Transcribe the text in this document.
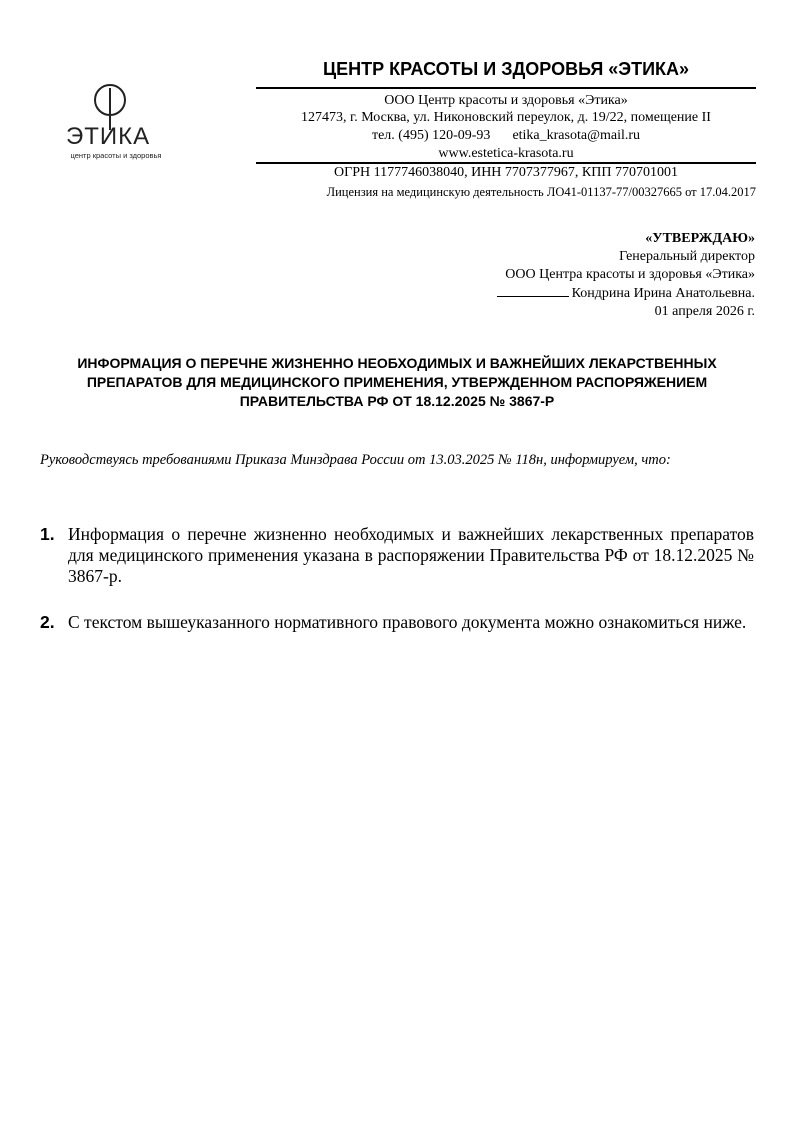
ЭТИКА
центр красоты и здоровья
ЦЕНТР КРАСОТЫ И ЗДОРОВЬЯ «ЭТИКА»
ООО Центр красоты и здоровья «Этика»
127473, г. Москва, ул. Никоновский переулок, д. 19/22, помещение II
тел. (495) 120-09-93 etika_krasota@mail.ru
www.estetica-krasota.ru
ОГРН 1177746038040, ИНН 7707377967, КПП 770701001
Лицензия на медицинскую деятельность ЛО41-01137-77/00327665 от 17.04.2017
«УТВЕРЖДАЮ»
Генеральный директор
ООО Центра красоты и здоровья «Этика»
Кондрина Ирина Анатольевна.
01 апреля 2026 г.
ИНФОРМАЦИЯ О ПЕРЕЧНЕ ЖИЗНЕННО НЕОБХОДИМЫХ И ВАЖНЕЙШИХ ЛЕКАРСТВЕННЫХ
ПРЕПАРАТОВ ДЛЯ МЕДИЦИНСКОГО ПРИМЕНЕНИЯ, УТВЕРЖДЕННОМ РАСПОРЯЖЕНИЕМ
ПРАВИТЕЛЬСТВА РФ ОТ 18.12.2025 № 3867-Р
Руководствуясь требованиями Приказа Минздрава России от 13.03.2025 № 118н, информируем, что:
1. Информация о перечне жизненно необходимых и важнейших лекарственных препаратов для медицинского применения указана в распоряжении Правительства РФ от 18.12.2025 № 3867-р.
2. С текстом вышеуказанного нормативного правового документа можно ознакомиться ниже.
